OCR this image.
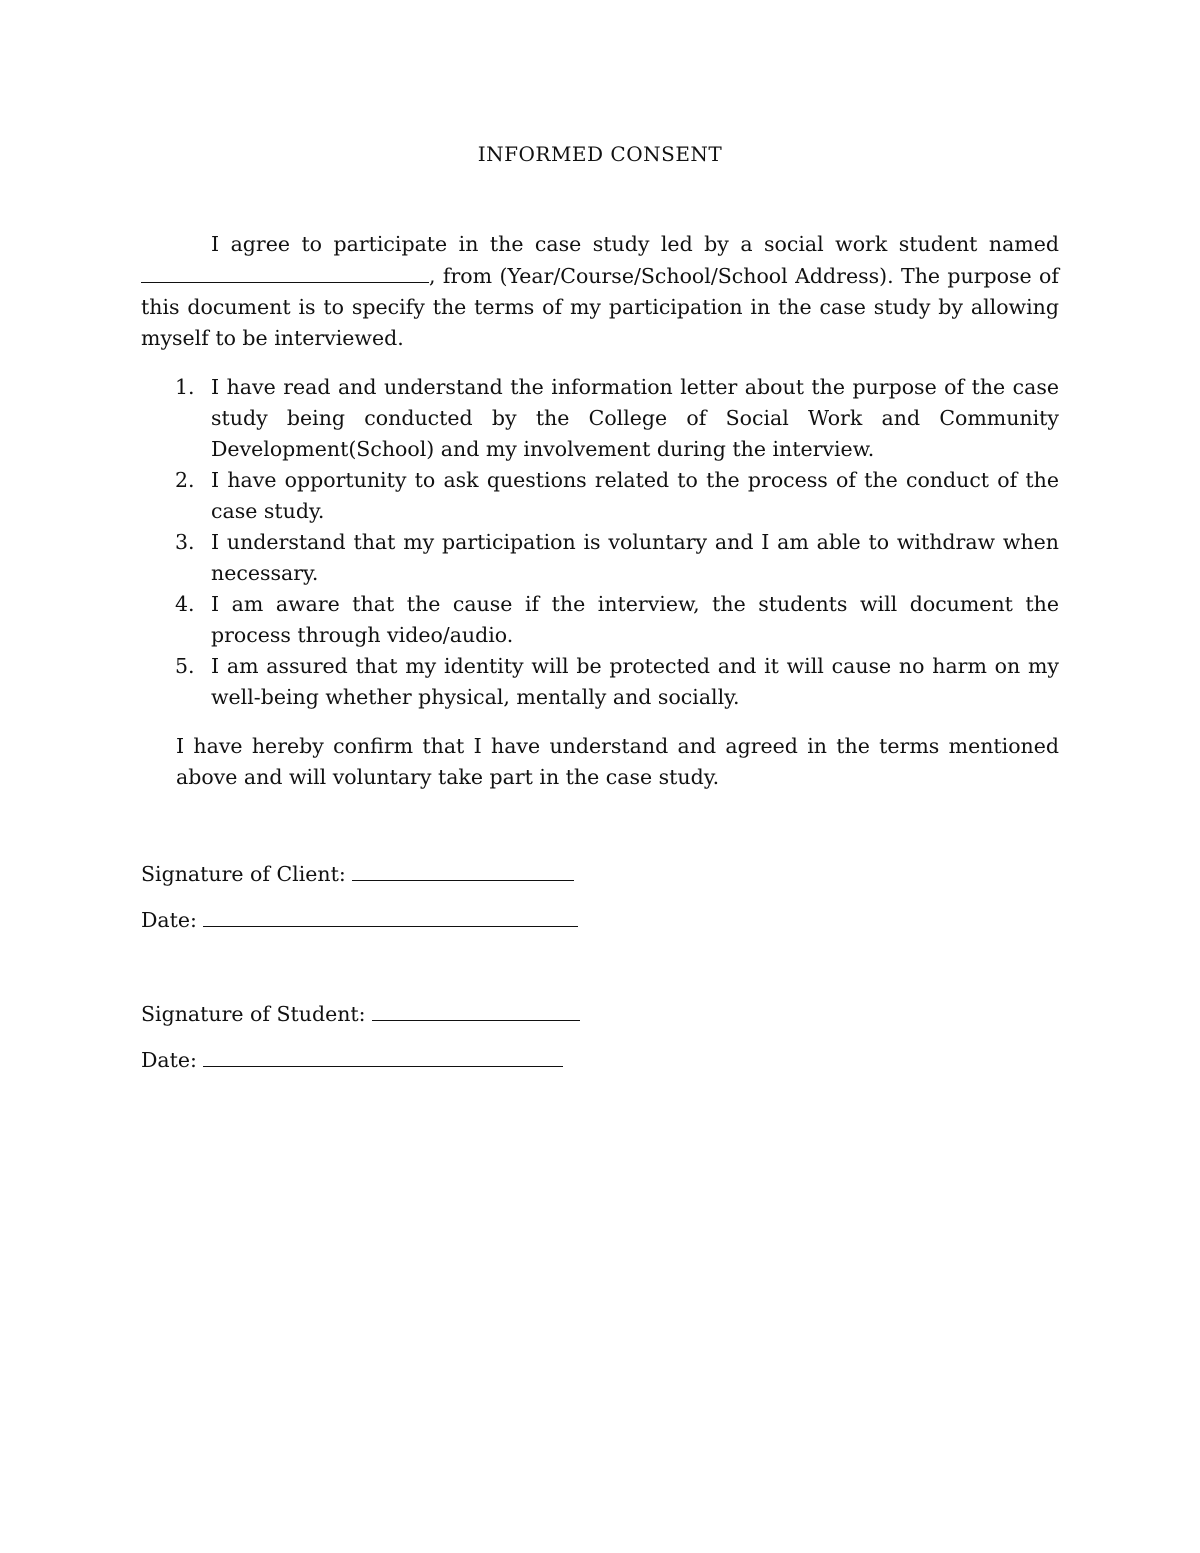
INFORMED CONSENT

I agree to participate in the case study led by a social work student named , from (Year/Course/School/School Address). The purpose of this document is to specify the terms of my participation in the case study by allowing myself to be interviewed.

1. I have read and understand the information letter about the purpose of the case study being conducted by the College of Social Work and Community Development(School) and my involvement during the interview.
2. I have opportunity to ask questions related to the process of the conduct of the case study.
3. I understand that my participation is voluntary and I am able to withdraw when necessary.
4. I am aware that the cause if the interview, the students will document the process through video/audio.
5. I am assured that my identity will be protected and it will cause no harm on my well-being whether physical, mentally and socially.

I have hereby confirm that I have understand and agreed in the terms mentioned above and will voluntary take part in the case study.

Signature of Client:
Date:
Signature of Student:
Date:
